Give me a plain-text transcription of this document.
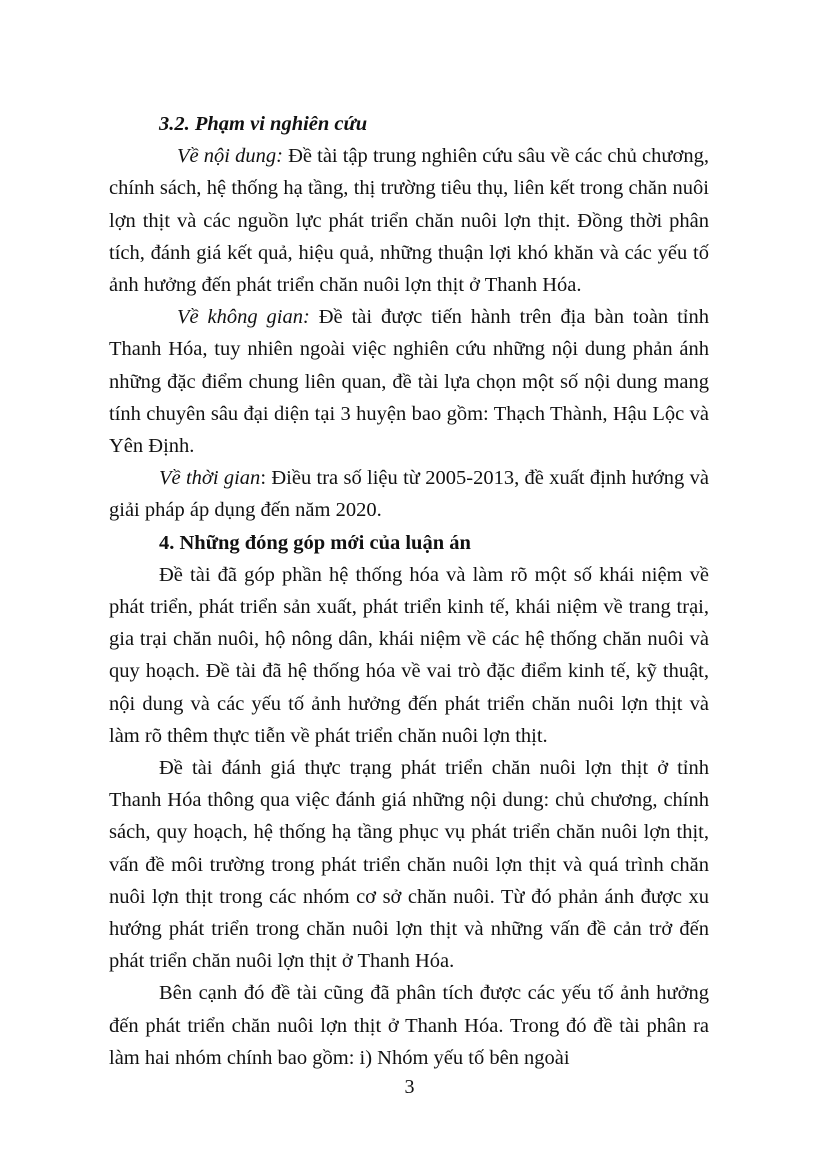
3.2. Phạm vi nghiên cứu

Về nội dung: Đề tài tập trung nghiên cứu sâu về các chủ chương, chính sách, hệ thống hạ tầng, thị trường tiêu thụ, liên kết trong chăn nuôi lợn thịt và các nguồn lực phát triển chăn nuôi lợn thịt. Đồng thời phân tích, đánh giá kết quả, hiệu quả, những thuận lợi khó khăn và các yếu tố ảnh hưởng đến phát triển chăn nuôi lợn thịt ở Thanh Hóa.

Về không gian: Đề tài được tiến hành trên địa bàn toàn tỉnh Thanh Hóa, tuy nhiên ngoài việc nghiên cứu những nội dung phản ánh những đặc điểm chung liên quan, đề tài lựa chọn một số nội dung mang tính chuyên sâu đại diện tại 3 huyện bao gồm: Thạch Thành, Hậu Lộc và Yên Định.

Về thời gian: Điều tra số liệu từ 2005-2013, đề xuất định hướng và giải pháp áp dụng đến năm 2020.

4. Những đóng góp mới của luận án

Đề tài đã góp phần hệ thống hóa và làm rõ một số khái niệm về phát triển, phát triển sản xuất, phát triển kinh tế, khái niệm về trang trại, gia trại chăn nuôi, hộ nông dân, khái niệm về các hệ thống chăn nuôi và quy hoạch. Đề tài đã hệ thống hóa về vai trò đặc điểm kinh tế, kỹ thuật, nội dung và các yếu tố ảnh hưởng đến phát triển chăn nuôi lợn thịt và làm rõ thêm thực tiễn về phát triển chăn nuôi lợn thịt.

Đề tài đánh giá thực trạng phát triển chăn nuôi lợn thịt ở tỉnh Thanh Hóa thông qua việc đánh giá những nội dung: chủ chương, chính sách, quy hoạch, hệ thống hạ tầng phục vụ phát triển chăn nuôi lợn thịt, vấn đề môi trường trong phát triển chăn nuôi lợn thịt và quá trình chăn nuôi lợn thịt trong các nhóm cơ sở chăn nuôi. Từ đó phản ánh được xu hướng phát triển trong chăn nuôi lợn thịt và những vấn đề cản trở đến phát triển chăn nuôi lợn thịt ở Thanh Hóa.

Bên cạnh đó đề tài cũng đã phân tích được các yếu tố ảnh hưởng đến phát triển chăn nuôi lợn thịt ở Thanh Hóa. Trong đó đề tài phân ra làm hai nhóm chính bao gồm: i) Nhóm yếu tố bên ngoài

3
